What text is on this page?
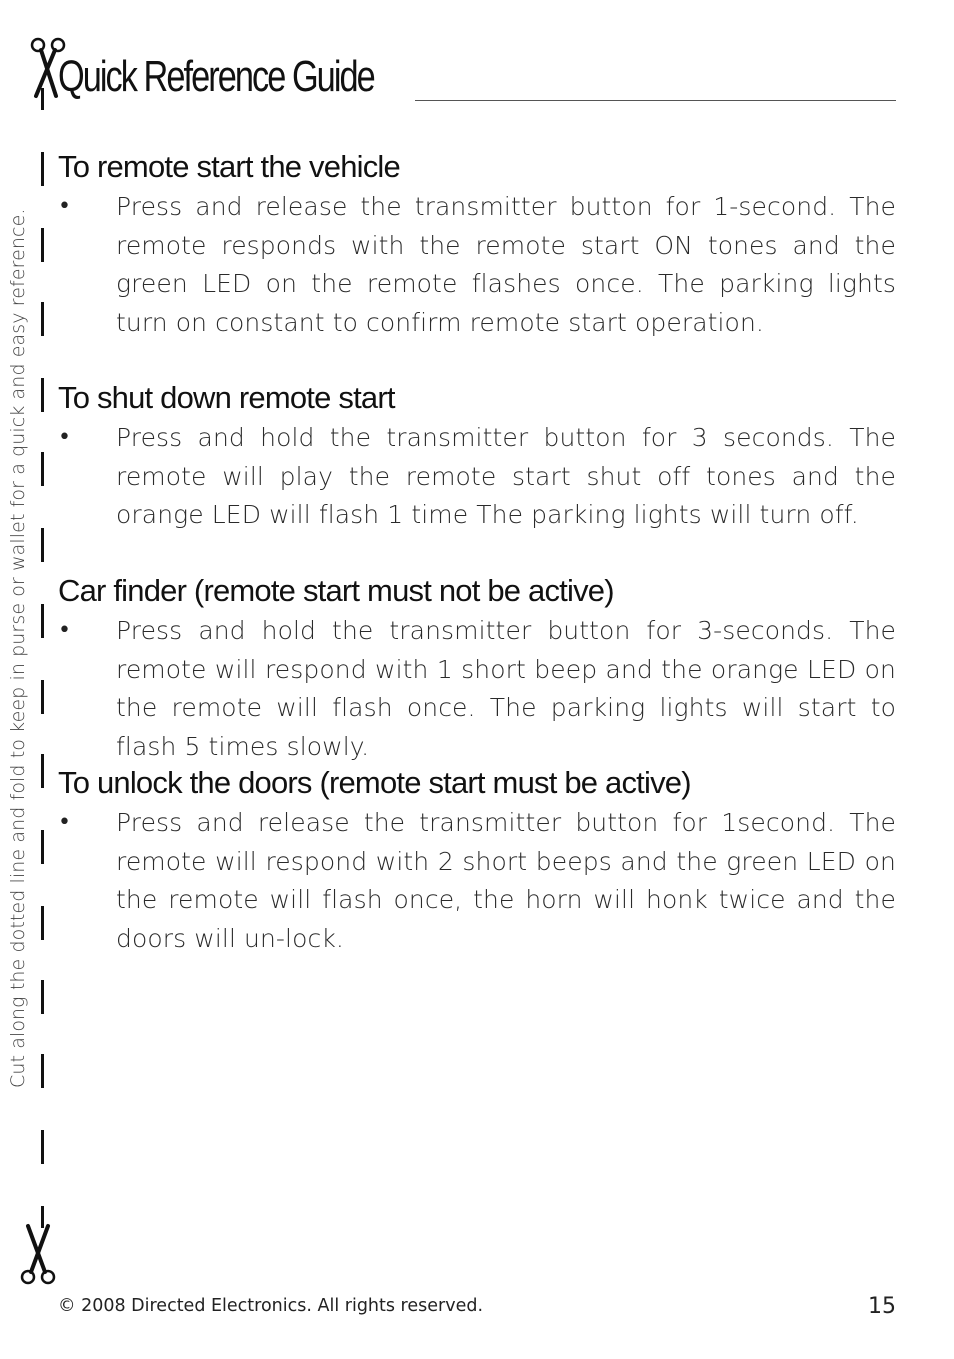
Quick Reference Guide
Cut along the dotted line and fold to keep in purse or wallet for a quick and easy reference.
To remote start the vehicle
• Press and release the transmitter button for 1-second. The remote responds with the remote start ON tones and the green LED on the remote flashes once. The parking lights turn on constant to confirm remote start operation.
To shut down remote start
• Press and hold the transmitter button for 3 seconds. The remote will play the remote start shut off tones and the orange LED will flash 1 time The parking lights will turn off.
Car finder (remote start must not be active)
• Press and hold the transmitter button for 3-seconds. The remote will respond with 1 short beep and the orange LED on the remote will flash once. The parking lights will start to flash 5 times slowly.
To unlock the doors (remote start must be active)
• Press and release the transmitter button for 1second. The remote will respond with 2 short beeps and the green LED on the remote will flash once, the horn will honk twice and the doors will un-lock.
© 2008 Directed Electronics. All rights reserved.	15
